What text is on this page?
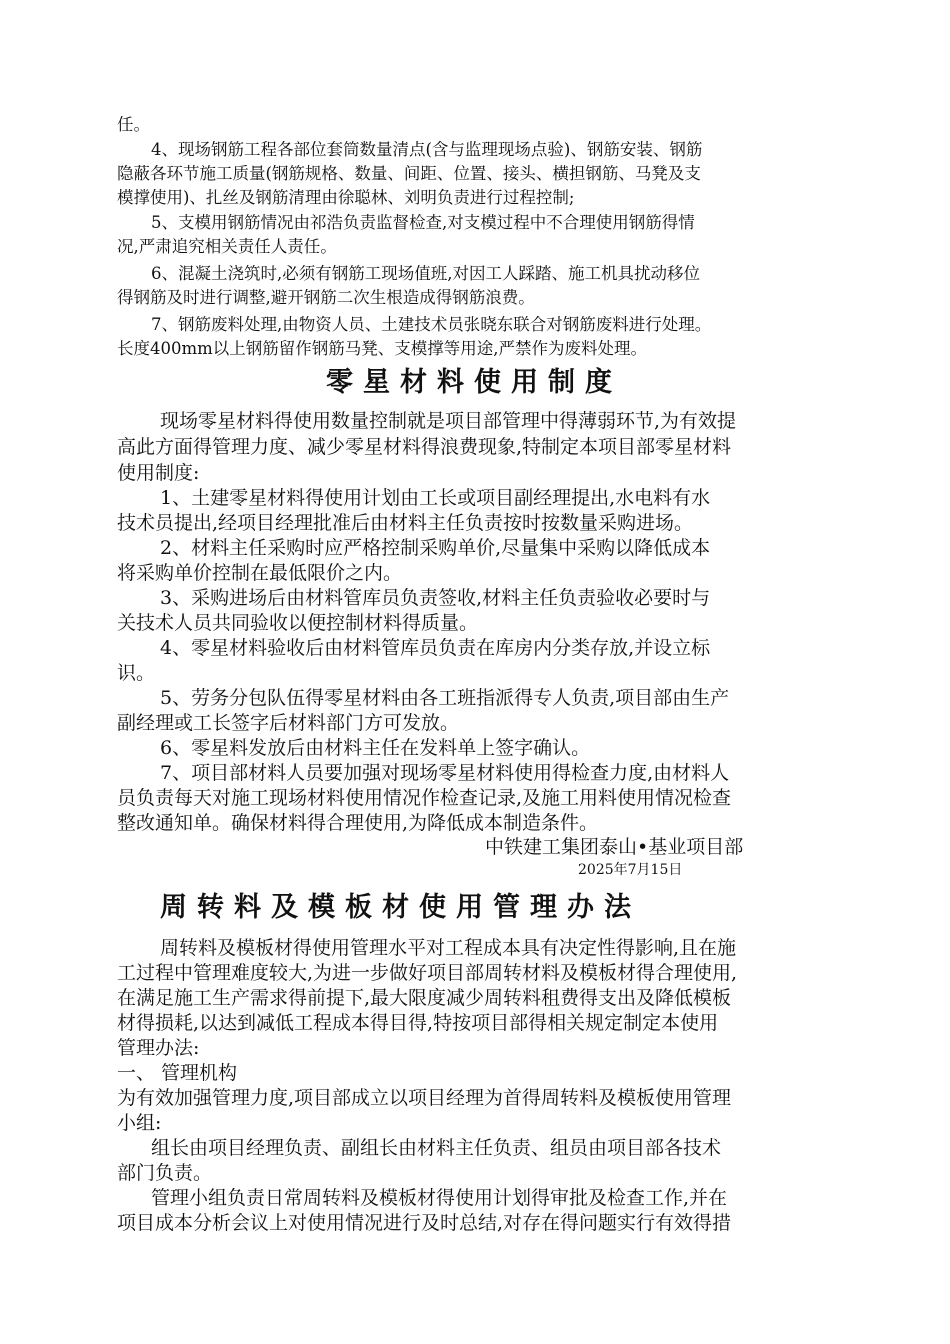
任。
4、现场钢筋工程各部位套筒数量清点(含与监理现场点验)、钢筋安装、钢筋
隐蔽各环节施工质量(钢筋规格、数量、间距、位置、接头、横担钢筋、马凳及支
模撑使用)、扎丝及钢筋清理由徐聪林、刘明负责进行过程控制;
5、支模用钢筋情况由祁浩负责监督检查,对支模过程中不合理使用钢筋得情
况,严肃追究相关责任人责任。
6、混凝土浇筑时,必须有钢筋工现场值班,对因工人踩踏、施工机具扰动移位
得钢筋及时进行调整,避开钢筋二次生根造成得钢筋浪费。
7、钢筋废料处理,由物资人员、土建技术员张晓东联合对钢筋废料进行处理。
长度400mm以上钢筋留作钢筋马凳、支模撑等用途,严禁作为废料处理。
零星材料使用制度
现场零星材料得使用数量控制就是项目部管理中得薄弱环节,为有效提
高此方面得管理力度、减少零星材料得浪费现象,特制定本项目部零星材料
使用制度:
1、土建零星材料得使用计划由工长或项目副经理提出,水电料有水
技术员提出,经项目经理批准后由材料主任负责按时按数量采购进场。
2、材料主任采购时应严格控制采购单价,尽量集中采购以降低成本
将采购单价控制在最低限价之内。
3、采购进场后由材料管库员负责签收,材料主任负责验收必要时与
关技术人员共同验收以便控制材料得质量。
4、零星材料验收后由材料管库员负责在库房内分类存放,并设立标
识。
5、劳务分包队伍得零星材料由各工班指派得专人负责,项目部由生产
副经理或工长签字后材料部门方可发放。
6、零星料发放后由材料主任在发料单上签字确认。
7、项目部材料人员要加强对现场零星材料使用得检查力度,由材料人
员负责每天对施工现场材料使用情况作检查记录,及施工用料使用情况检查
整改通知单。确保材料得合理使用,为降低成本制造条件。
中铁建工集团泰山•基业项目部
2025年7月15日
周转料及模板材使用管理办法
周转料及模板材得使用管理水平对工程成本具有决定性得影响,且在施
工过程中管理难度较大,为进一步做好项目部周转材料及模板材得合理使用,
在满足施工生产需求得前提下,最大限度减少周转料租费得支出及降低模板
材得损耗,以达到减低工程成本得目得,特按项目部得相关规定制定本使用
管理办法:
一、 管理机构
为有效加强管理力度,项目部成立以项目经理为首得周转料及模板使用管理
小组:
组长由项目经理负责、副组长由材料主任负责、组员由项目部各技术
部门负责。
管理小组负责日常周转料及模板材得使用计划得审批及检查工作,并在
项目成本分析会议上对使用情况进行及时总结,对存在得问题实行有效得措
